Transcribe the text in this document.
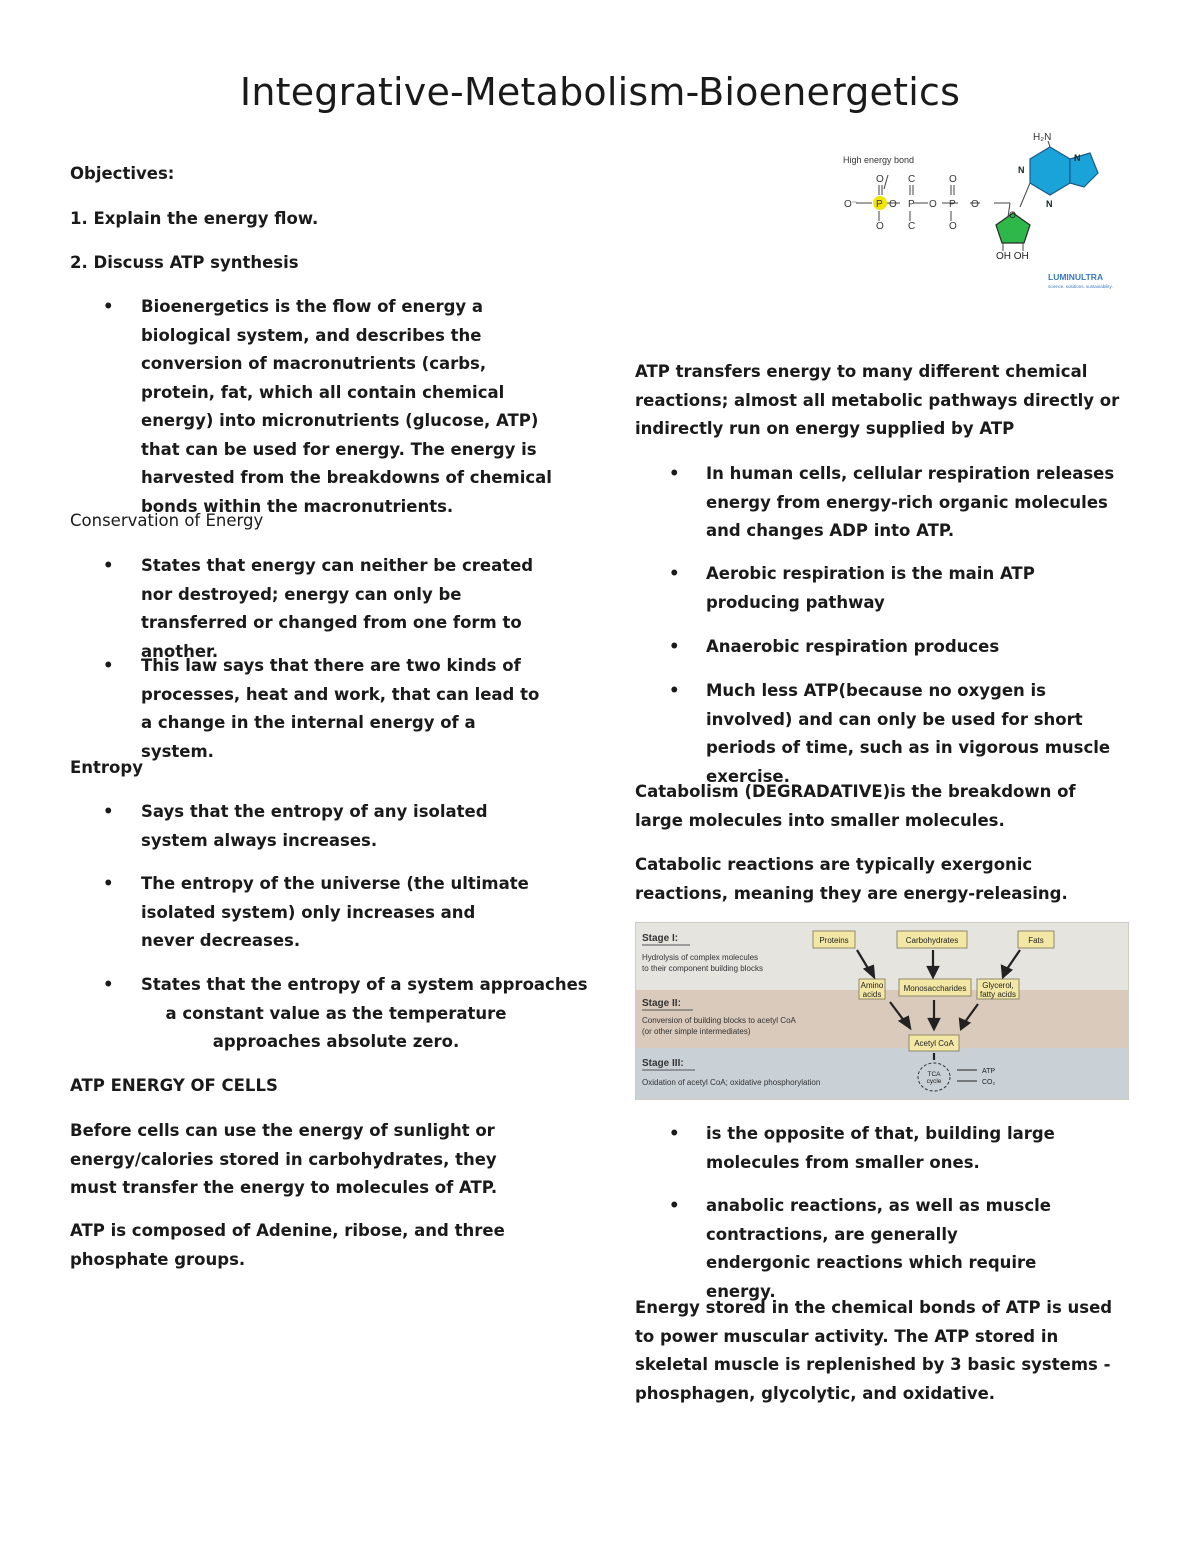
Integrative-Metabolism-Bioenergetics

Objectives:

1. Explain the energy flow.

2. Discuss ATP synthesis

•	Bioenergetics is the flow of energy a biological system, and describes the conversion of macronutrients (carbs, protein, fat, which all contain chemical energy) into micronutrients (glucose, ATP) that can be used for energy. The energy is harvested from the breakdowns of chemical bonds within the macronutrients.

Conservation of Energy

•	States that energy can neither be created nor destroyed; energy can only be transferred or changed from one form to another.

•	This law says that there are two kinds of processes, heat and work, that can lead to a change in the internal energy of a system.

Entropy

•	Says that the entropy of any isolated system always increases.

•	The entropy of the universe (the ultimate isolated system) only increases and never decreases.

•	States that the entropy of a system approaches

a constant value as the temperature

approaches absolute zero.

ATP ENERGY OF CELLS

Before cells can use the energy of sunlight or energy/calories stored in carbohydrates, they must transfer the energy to molecules of ATP.

ATP is composed of Adenine, ribose, and three phosphate groups.

High energy bond
O⁻
O
P
O
O
C
P
C
O
O
P
O
O
O
OH OH
H₂N
N
N
N
LUMINULTRA
science. solutions. sustainability.

ATP transfers energy to many different chemical reactions; almost all metabolic pathways directly or indirectly run on energy supplied by ATP

•	In human cells, cellular respiration releases energy from energy-rich organic molecules and changes ADP into ATP.

•	Aerobic respiration is the main ATP producing pathway

•	Anaerobic respiration produces

•	Much less ATP(because no oxygen is involved) and can only be used for short periods of time, such as in vigorous muscle exercise.

Catabolism (DEGRADATIVE)is the breakdown of large molecules into smaller molecules.

Catabolic reactions are typically exergonic reactions, meaning they are energy-releasing.

•	is the opposite of that, building large molecules from smaller ones.

•	anabolic reactions, as well as muscle contractions, are generally endergonic reactions which require energy.

Energy stored in the chemical bonds of ATP is used to power muscular activity. The ATP stored in skeletal muscle is replenished by 3 basic systems - phosphagen, glycolytic, and oxidative.

Stage I:
Hydrolysis of complex molecules
to their component building blocks
Stage II:
Conversion of building blocks to acetyl CoA
(or other simple intermediates)
Stage III:
Oxidation of acetyl CoA; oxidative phosphorylation
Proteins	Carbohydrates	Fats
Amino
acids
Monosaccharides Glycerol,
fatty acids
Acetyl CoA
TCA
cycle
ATP
CO₂
